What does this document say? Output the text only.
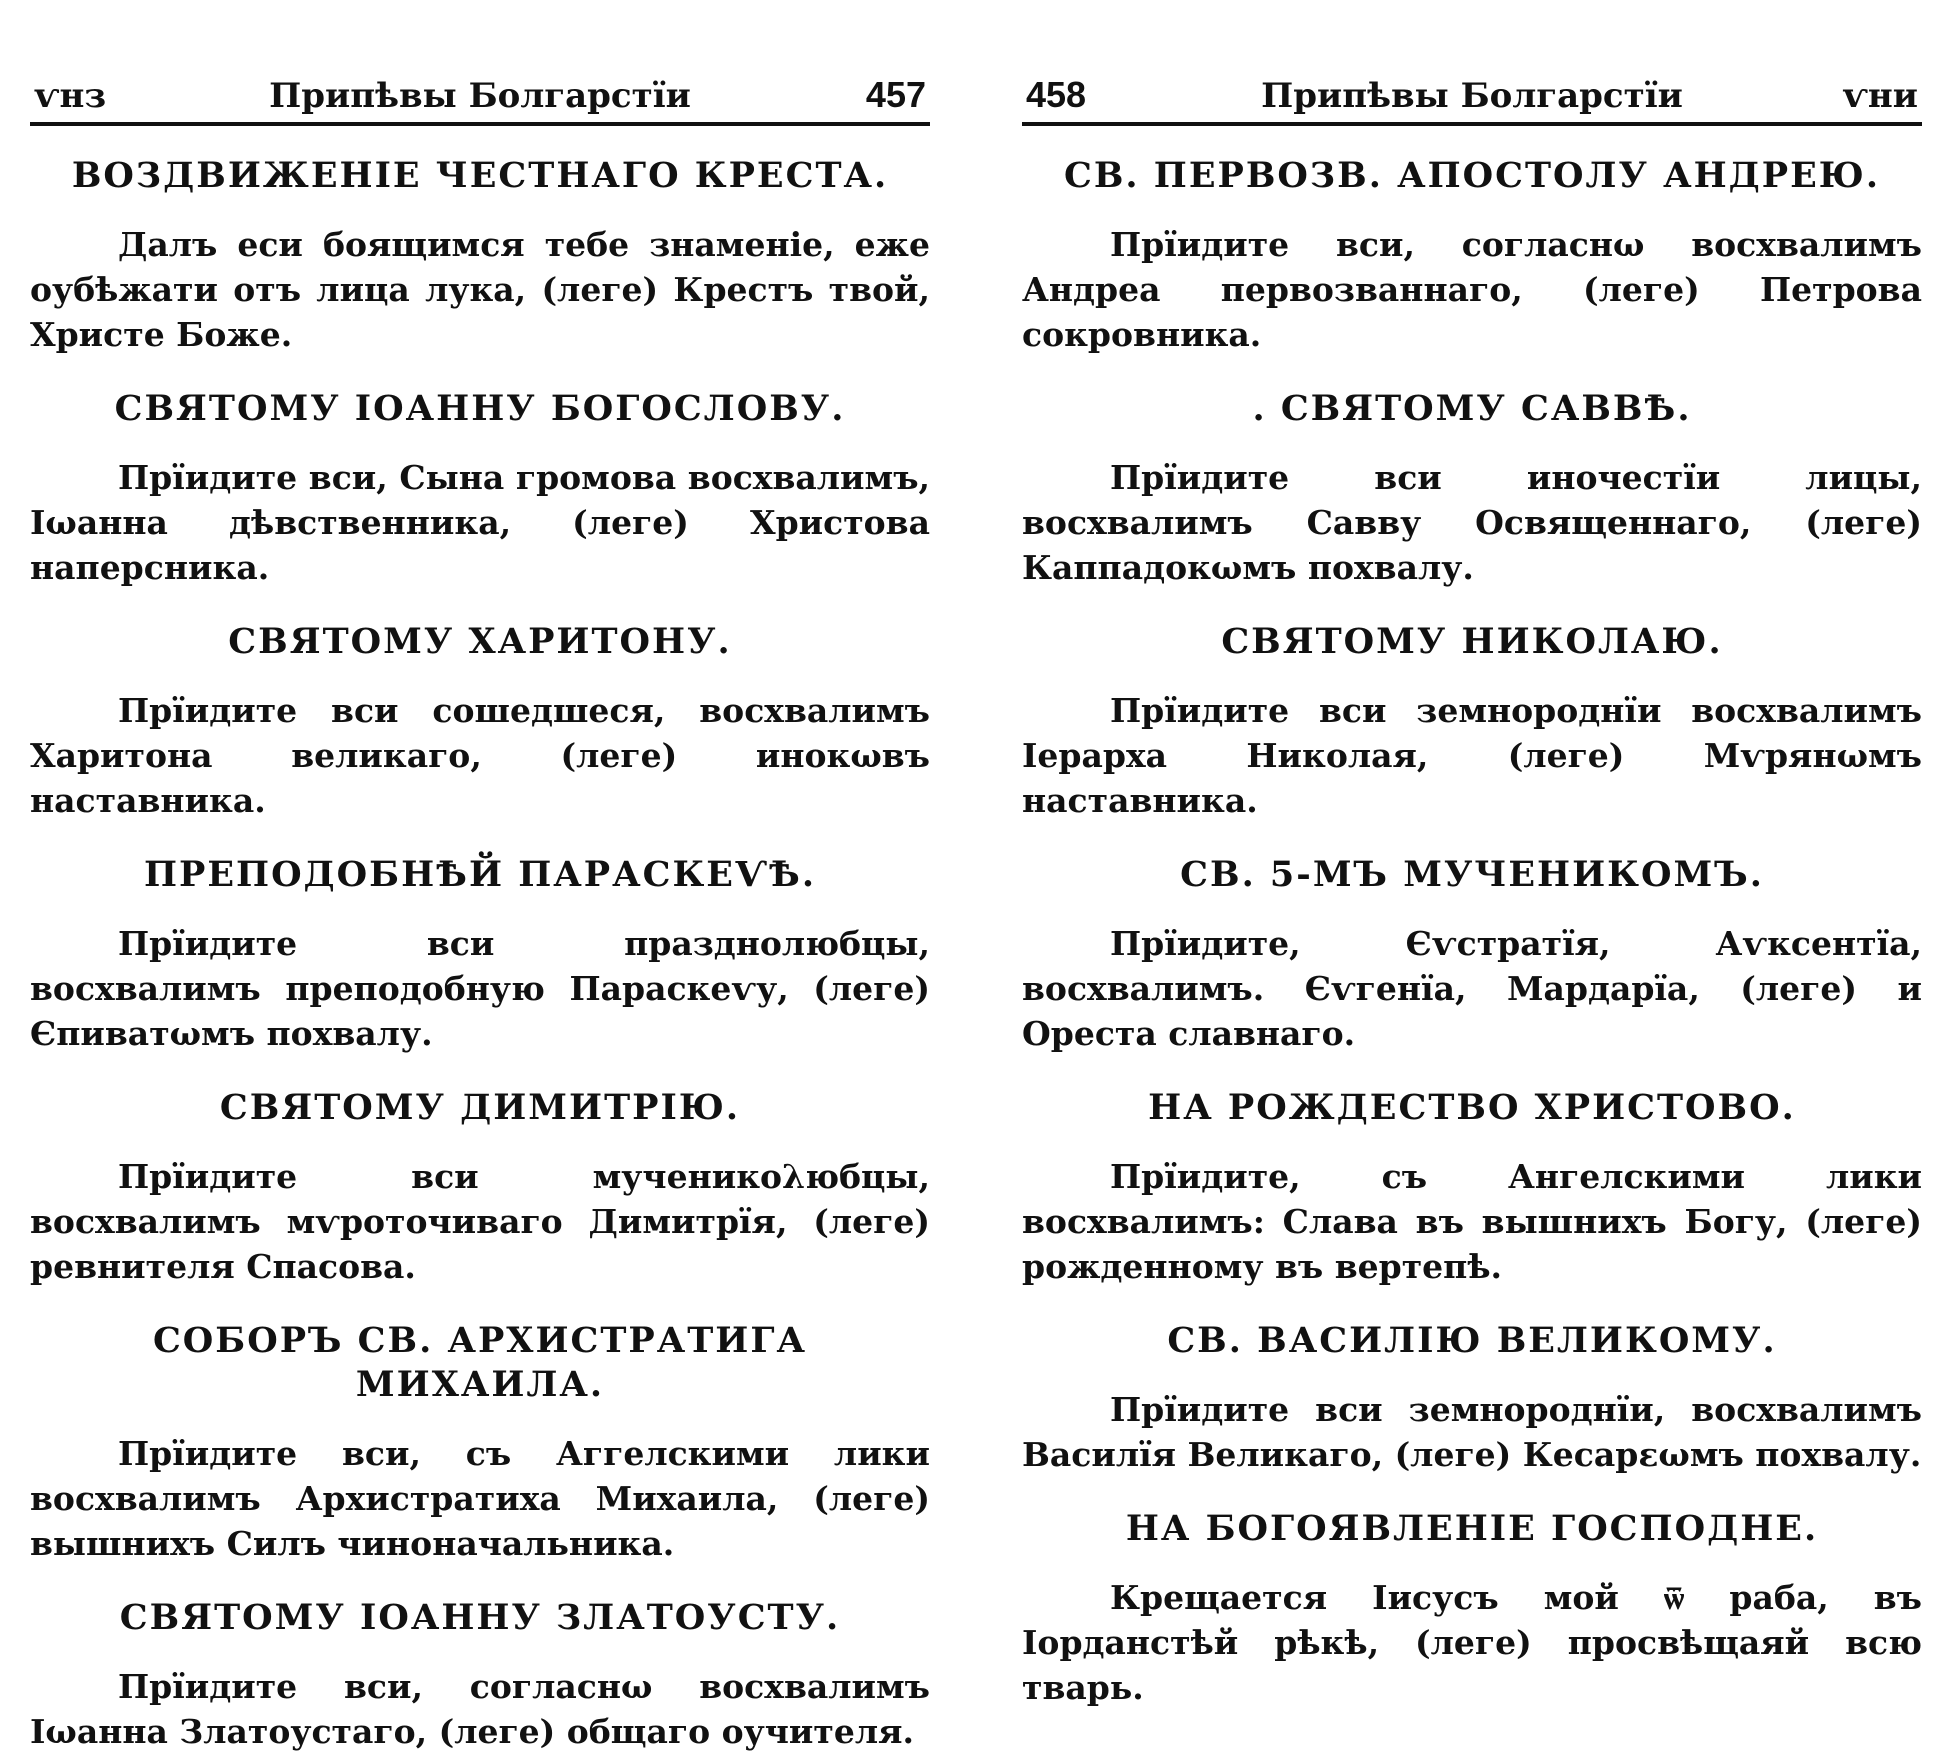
ѵнз	Припѣвы Болгарстїи	457

ВОЗДВИЖЕНІЕ ЧЕСТНАГО КРЕСТА.

Далъ еси боящимся тебе знаменіе, еже оубѣжати отъ лица лука, (леге) Крестъ твой, Христе Боже.

СВЯТОМУ ІОАННУ БОГОСЛОВУ.

Прїидите вси, Сына громова восхвалимъ, Іωанна дѣвственника, (леге) Христова наперсника.

СВЯТОМУ ХАРИТОНУ.

Прїидите вси сошедшеся, восхвалимъ Харитона великаго, (леге) инокωвъ наставника.

ПРЕПОДОБНѢЙ ПАРАСКЕѴѢ.

Прїидите вси празднолюбцы, восхвалимъ преподобную Параскеѵу, (леге) Єпиватωмъ похвалу.

СВЯТОМУ ДИМИТРІЮ.

Прїидите вси мученикολюбцы, восхвалимъ мѵроточиваго Димитрїя, (леге) ревнителя Спасова.

СОБОРЪ СВ. АРХИСТРАТИГА МИХАИЛА.

Прїидите вси, съ Аггелскими лики восхвалимъ Архистратиха Михаила, (леге) вышнихъ Силъ чиноначальника.

СВЯТОМУ ІОАННУ ЗЛАТОУСТУ.

Прїидите вси, согласнω восхвалимъ Іωанна Златоустаго, (леге) общаго оучителя.

458	Припѣвы Болгарстїи	ѵни

СВ. ПЕРВОЗВ. АПОСТОЛУ АНДРЕЮ.

Прїидите вси, согласнω восхвалимъ Андреа первозваннаго, (леге) Петрова сокровника.

. СВЯТОМУ САВВѢ.

Прїидите вси иночестїи лицы, восхвалимъ Савву Освященнаго, (леге) Каппадокωмъ похвалу.

СВЯТОМУ НИКОЛАЮ.

Прїидите вси земнороднїи восхвалимъ Іерарха Николая, (леге) Мѵрянωмъ наставника.

СВ. 5-МЪ МУЧЕНИКОМЪ.

Прїидите, Єѵстратїя, Аѵксентїа, восхвалимъ. Єѵгенїа, Мардарїа, (леге) и Ореста славнаго.

НА РОЖДЕСТВО ХРИСТОВО.

Прїидите, съ Ангелскими лики восхвалимъ: Слава въ вышнихъ Богу, (леге) рожденному въ вертепѣ.

СВ. ВАСИЛІЮ ВЕЛИКОМУ.

Прїидите вси земнороднїи, восхвалимъ Василїя Великаго, (леге) Кесарεωмъ похвалу.

НА БОГОЯВЛЕНІЕ ГОСПОДНЕ.

Крещается Іисусъ мой ѿ раба, въ Іорданстѣй рѣкѣ, (леге) просвѣщаяй всю тварь.
